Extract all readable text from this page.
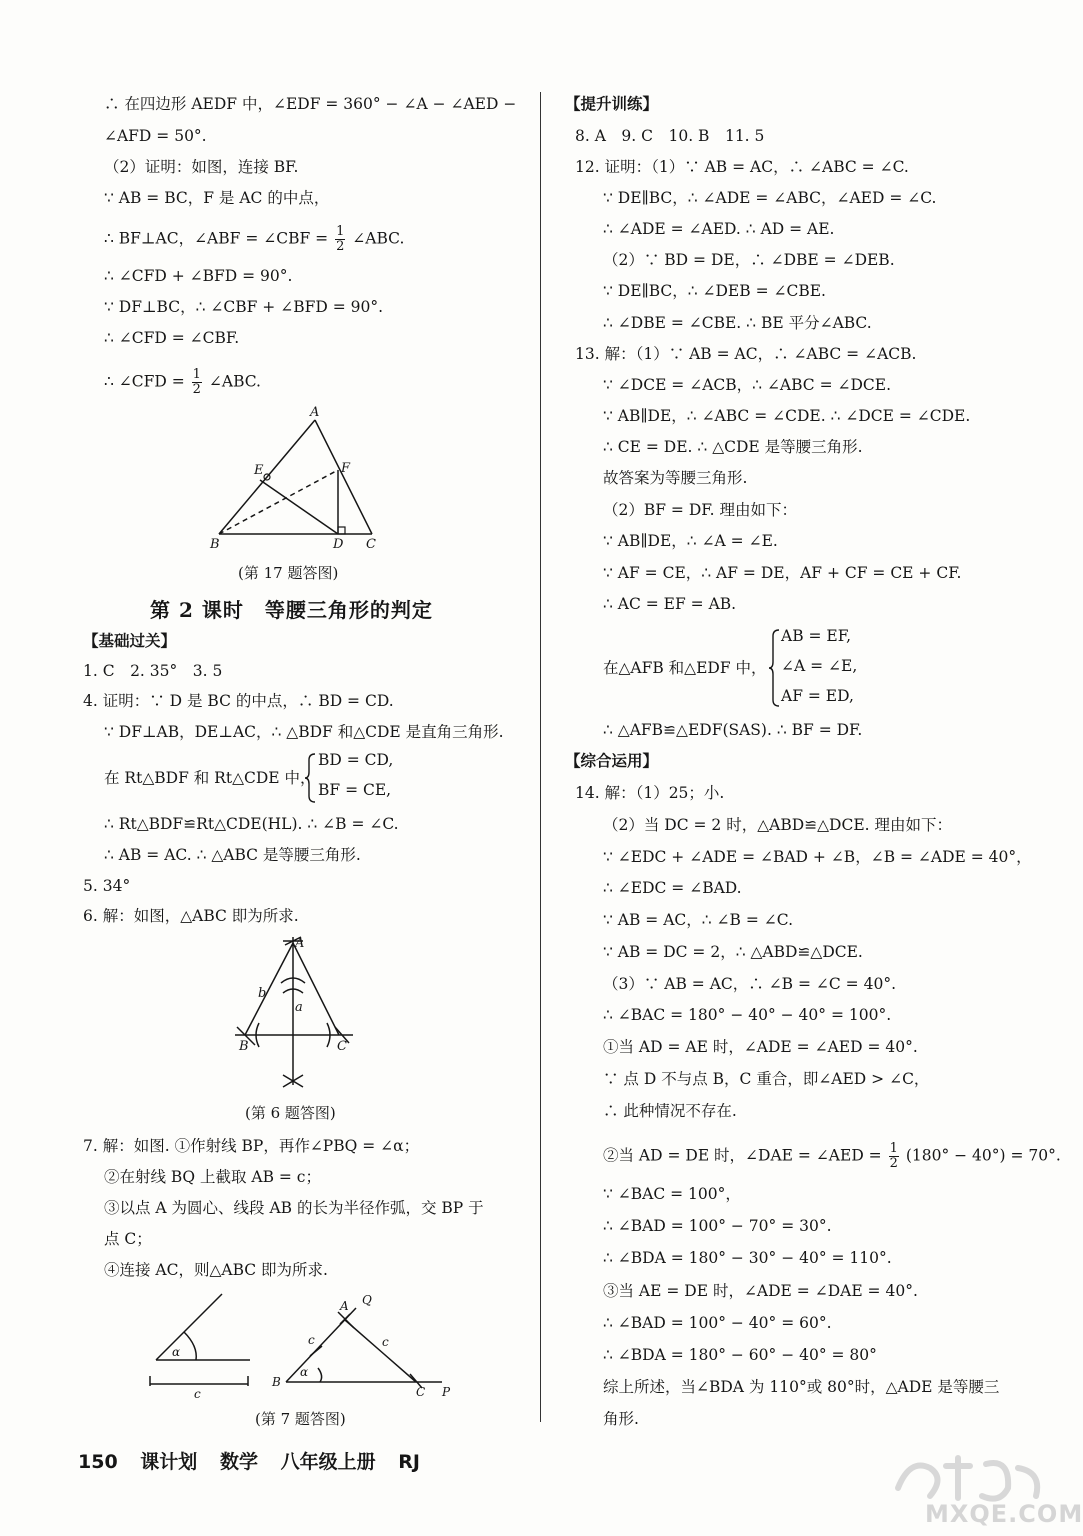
∴ 在四边形 AEDF 中，∠EDF = 360° − ∠A − ∠AED −
∠AFD = 50°.
（2）证明：如图，连接 BF.
∵ AB = BC，F 是 AC 的中点，
∴ BF⊥AC，∠ABF = ∠CBF = $\frac{1}{2}$ ∠ABC.
∴ ∠CFD + ∠BFD = 90°.
∵ DF⊥BC，∴ ∠CBF + ∠BFD = 90°.
∴ ∠CFD = ∠CBF.
∴ ∠CFD = $\frac{1}{2}$ ∠ABC.
A
E	F
B	D C
(第 17 题答图)
第 2 课时　等腰三角形的判定
【基础过关】
1. C　2. 35°　3. 5
4. 证明：∵ D 是 BC 的中点，∴ BD = CD.
∵ DF⊥AB，DE⊥AC，∴ △BDF 和△CDE 是直角三角形.
在 Rt△BDF 和 Rt△CDE 中，
BD = CD,
BF = CE,
∴ Rt△BDF≌Rt△CDE(HL). ∴ ∠B = ∠C.
∴ AB = AC. ∴ △ABC 是等腰三角形.
5. 34°
6. 解：如图，△ABC 即为所求.
A
b
a
B	C
(第 6 题答图)
7. 解：如图. ①作射线 BP，再作∠PBQ = ∠α；
②在射线 BQ 上截取 AB = c；
③以点 A 为圆心、线段 AB 的长为半径作弧，交 BP 于
点 C；
④连接 AC，则△ABC 即为所求.
α
c
A Q
c	c
α
B
C P
(第 7 题答图)
【提升训练】
8. A　9. C　10. B　11. 5
12. 证明：（1）∵ AB = AC，∴ ∠ABC = ∠C.
∵ DE∥BC，∴ ∠ADE = ∠ABC，∠AED = ∠C.
∴ ∠ADE = ∠AED. ∴ AD = AE.
（2）∵ BD = DE，∴ ∠DBE = ∠DEB.
∵ DE∥BC，∴ ∠DEB = ∠CBE.
∴ ∠DBE = ∠CBE. ∴ BE 平分∠ABC.
13. 解：（1）∵ AB = AC，∴ ∠ABC = ∠ACB.
∵ ∠DCE = ∠ACB，∴ ∠ABC = ∠DCE.
∵ AB∥DE，∴ ∠ABC = ∠CDE. ∴ ∠DCE = ∠CDE.
∴ CE = DE. ∴ △CDE 是等腰三角形.
故答案为等腰三角形.
（2）BF = DF. 理由如下：
∵ AB∥DE，∴ ∠A = ∠E.
∵ AF = CE，∴ AF = DE，AF + CF = CE + CF.
∴ AC = EF = AB.
在△AFB 和△EDF 中，
AB = EF,
∠A = ∠E,
AF = ED,
∴ △AFB≌△EDF(SAS). ∴ BF = DF.
【综合运用】
14. 解：（1）25；小.
（2）当 DC = 2 时，△ABD≌△DCE. 理由如下：
∵ ∠EDC + ∠ADE = ∠BAD + ∠B，∠B = ∠ADE = 40°，
∴ ∠EDC = ∠BAD.
∵ AB = AC，∴ ∠B = ∠C.
∵ AB = DC = 2，∴ △ABD≌△DCE.
（3）∵ AB = AC，∴ ∠B = ∠C = 40°.
∴ ∠BAC = 180° − 40° − 40° = 100°.
①当 AD = AE 时，∠ADE = ∠AED = 40°.
∵ 点 D 不与点 B，C 重合，即∠AED > ∠C，
∴ 此种情况不存在.
②当 AD = DE 时，∠DAE = ∠AED = $\frac{1}{2} (180^\circ - 40^\circ) = 70^\circ$.
∵ ∠BAC = 100°，
∴ ∠BAD = 100° − 70° = 30°.
∴ ∠BDA = 180° − 30° − 40° = 110°.
③当 AE = DE 时，∠ADE = ∠DAE = 40°.
∴ ∠BAD = 100° − 40° = 60°.
∴ ∠BDA = 180° − 60° − 40° = 80°
综上所述，当∠BDA 为 110°或 80°时，△ADE 是等腰三
角形.
150 课计划 数学 八年级上册 RJ
MXQE.COM
